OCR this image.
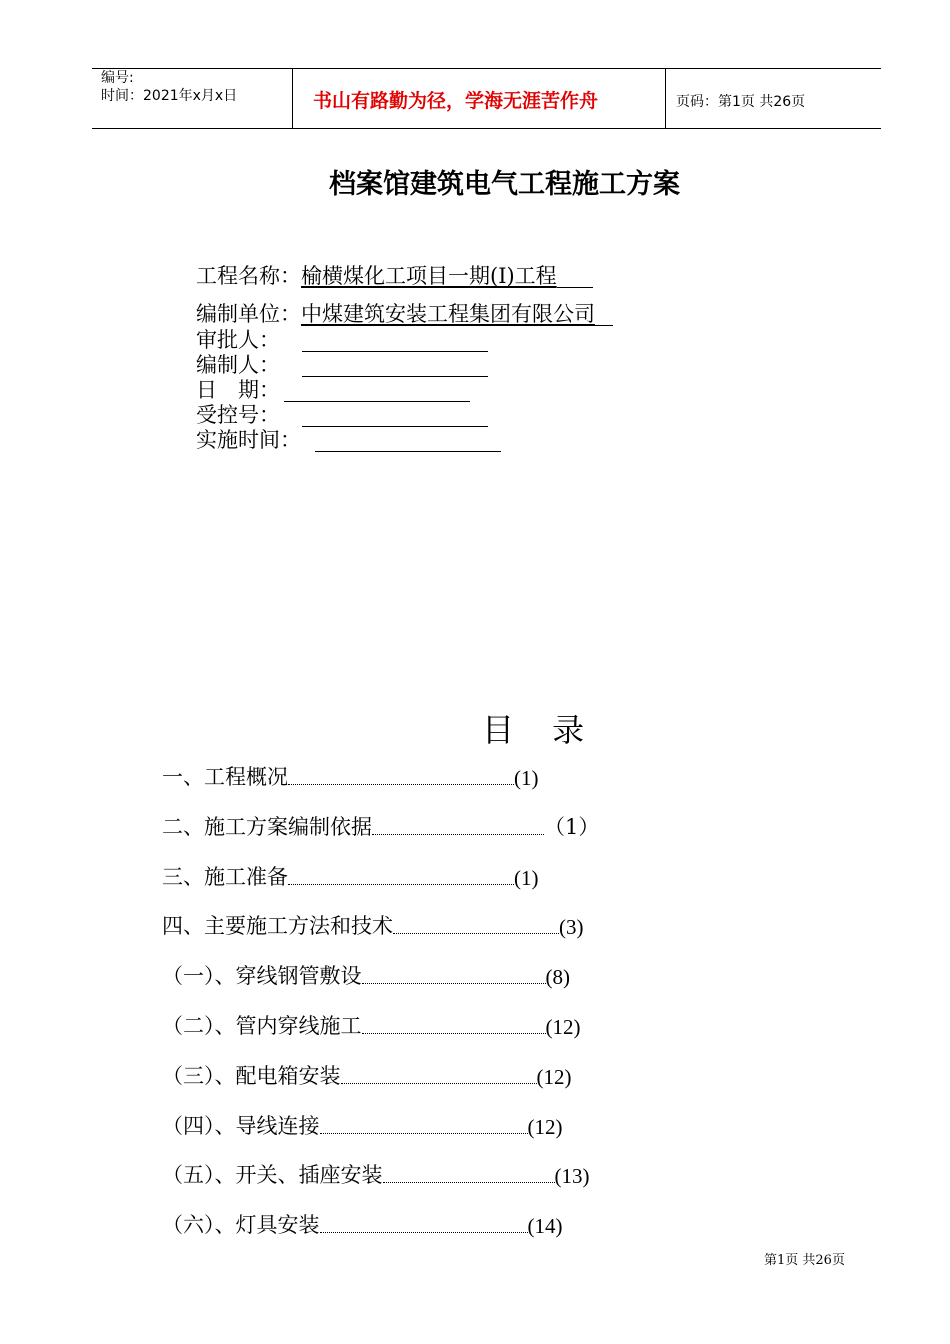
编号:
时间：2021年x月x日	书山有路勤为径，学海无涯苦作舟	页码：第1页 共26页
档案馆建筑电气工程施工方案
工程名称： 榆横煤化工项目一期(Ⅰ)工程
编制单位： 中煤建筑安装工程集团有限公司
审批人：
编制人：
日　期：
受控号：
实施时间：
目 录
一、工程概况	(1)
二、施工方案编制依据	（1）
三、施工准备	(1)
四、主要施工方法和技术	(3)
（一）、穿线钢管敷设	(8)
（二）、管内穿线施工	(12)
（三）、配电箱安装	(12)
（四）、导线连接	(12)
（五）、开关、插座安装	(13)
（六）、灯具安装	(14)
第1页 共26页
